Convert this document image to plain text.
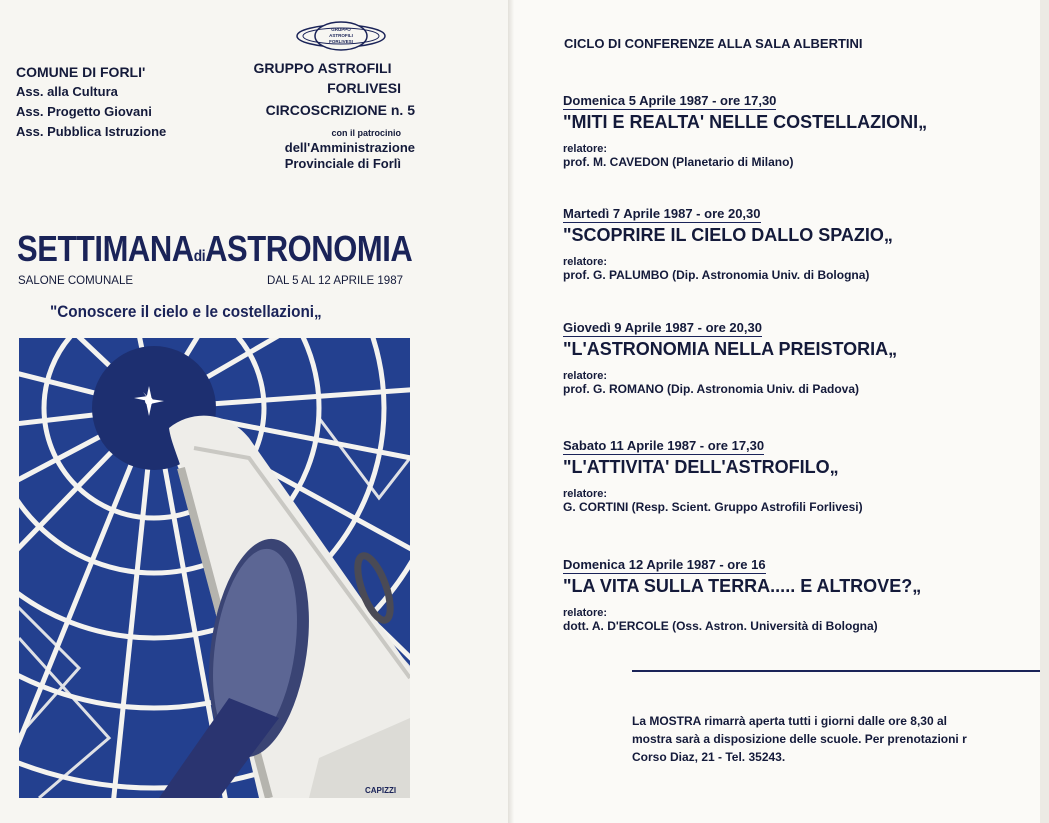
COMUNE DI FORLI'
Ass. alla Cultura
Ass. Progetto Giovani
Ass. Pubblica Istruzione
GRUPPO
ASTROFILI
FORLIVESI
GRUPPO ASTROFILI
FORLIVESI
CIRCOSCRIZIONE n. 5
con il patrocinio
dell'Amministrazione
Provinciale di Forlì
SETTIMANAdiASTRONOMIA
SALONE COMUNALE	DAL 5 AL 12 APRILE 1987
"Conoscere il cielo e le costellazioni„
CAPIZZI
CICLO DI CONFERENZE ALLA SALA ALBERTINI
Domenica 5 Aprile 1987 - ore 17,30
"MITI E REALTA' NELLE COSTELLAZIONI„
relatore:
prof. M. CAVEDON (Planetario di Milano)
Martedì 7 Aprile 1987 - ore 20,30
"SCOPRIRE IL CIELO DALLO SPAZIO„
relatore:
prof. G. PALUMBO (Dip. Astronomia Univ. di Bologna)
Giovedì 9 Aprile 1987 - ore 20,30
"L'ASTRONOMIA NELLA PREISTORIA„
relatore:
prof. G. ROMANO (Dip. Astronomia Univ. di Padova)
Sabato 11 Aprile 1987 - ore 17,30
"L'ATTIVITA' DELL'ASTROFILO„
relatore:
G. CORTINI (Resp. Scient. Gruppo Astrofili Forlivesi)
Domenica 12 Aprile 1987 - ore 16
"LA VITA SULLA TERRA..... E ALTROVE?„
relatore:
dott. A. D'ERCOLE (Oss. Astron. Università di Bologna)
La MOSTRA rimarrà aperta tutti i giorni dalle ore 8,30 al
mostra sarà a disposizione delle scuole. Per prenotazioni r
Corso Diaz, 21 - Tel. 35243.
